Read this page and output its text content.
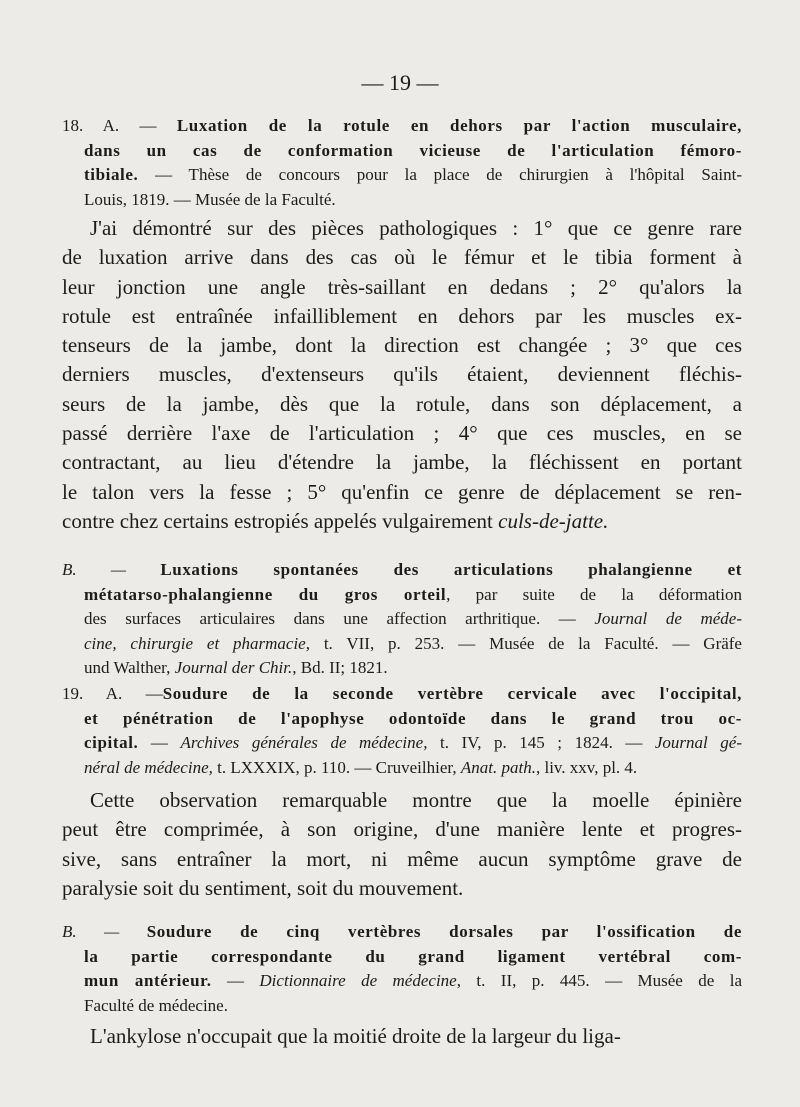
— 19 —
18. A. — Luxation de la rotule en dehors par l'action musculaire,
dans un cas de conformation vicieuse de l'articulation fémoro-
tibiale. — Thèse de concours pour la place de chirurgien à l'hôpital Saint-
Louis, 1819. — Musée de la Faculté.
J'ai démontré sur des pièces pathologiques : 1° que ce genre rare
de luxation arrive dans des cas où le fémur et le tibia forment à
leur jonction une angle très-saillant en dedans ; 2° qu'alors la
rotule est entraînée infailliblement en dehors par les muscles ex-
tenseurs de la jambe, dont la direction est changée ; 3° que ces
derniers muscles, d'extenseurs qu'ils étaient, deviennent fléchis-
seurs de la jambe, dès que la rotule, dans son déplacement, a
passé derrière l'axe de l'articulation ; 4° que ces muscles, en se
contractant, au lieu d'étendre la jambe, la fléchissent en portant
le talon vers la fesse ; 5° qu'enfin ce genre de déplacement se ren-
contre chez certains estropiés appelés vulgairement culs-de-jatte.
B. — Luxations spontanées des articulations phalangienne et
métatarso-phalangienne du gros orteil, par suite de la déformation
des surfaces articulaires dans une affection arthritique. — Journal de méde-
cine, chirurgie et pharmacie, t. VII, p. 253. — Musée de la Faculté. — Gräfe
und Walther, Journal der Chir., Bd. II; 1821.
19. A. —Soudure de la seconde vertèbre cervicale avec l'occipital,
et pénétration de l'apophyse odontoïde dans le grand trou oc-
cipital. — Archives générales de médecine, t. IV, p. 145 ; 1824. — Journal gé-
néral de médecine, t. LXXXIX, p. 110. — Cruveilhier, Anat. path., liv. xxv, pl. 4.
Cette observation remarquable montre que la moelle épinière
peut être comprimée, à son origine, d'une manière lente et progres-
sive, sans entraîner la mort, ni même aucun symptôme grave de
paralysie soit du sentiment, soit du mouvement.
B. — Soudure de cinq vertèbres dorsales par l'ossification de
la partie correspondante du grand ligament vertébral com-
mun antérieur. — Dictionnaire de médecine, t. II, p. 445. — Musée de la
Faculté de médecine.
L'ankylose n'occupait que la moitié droite de la largeur du liga-
